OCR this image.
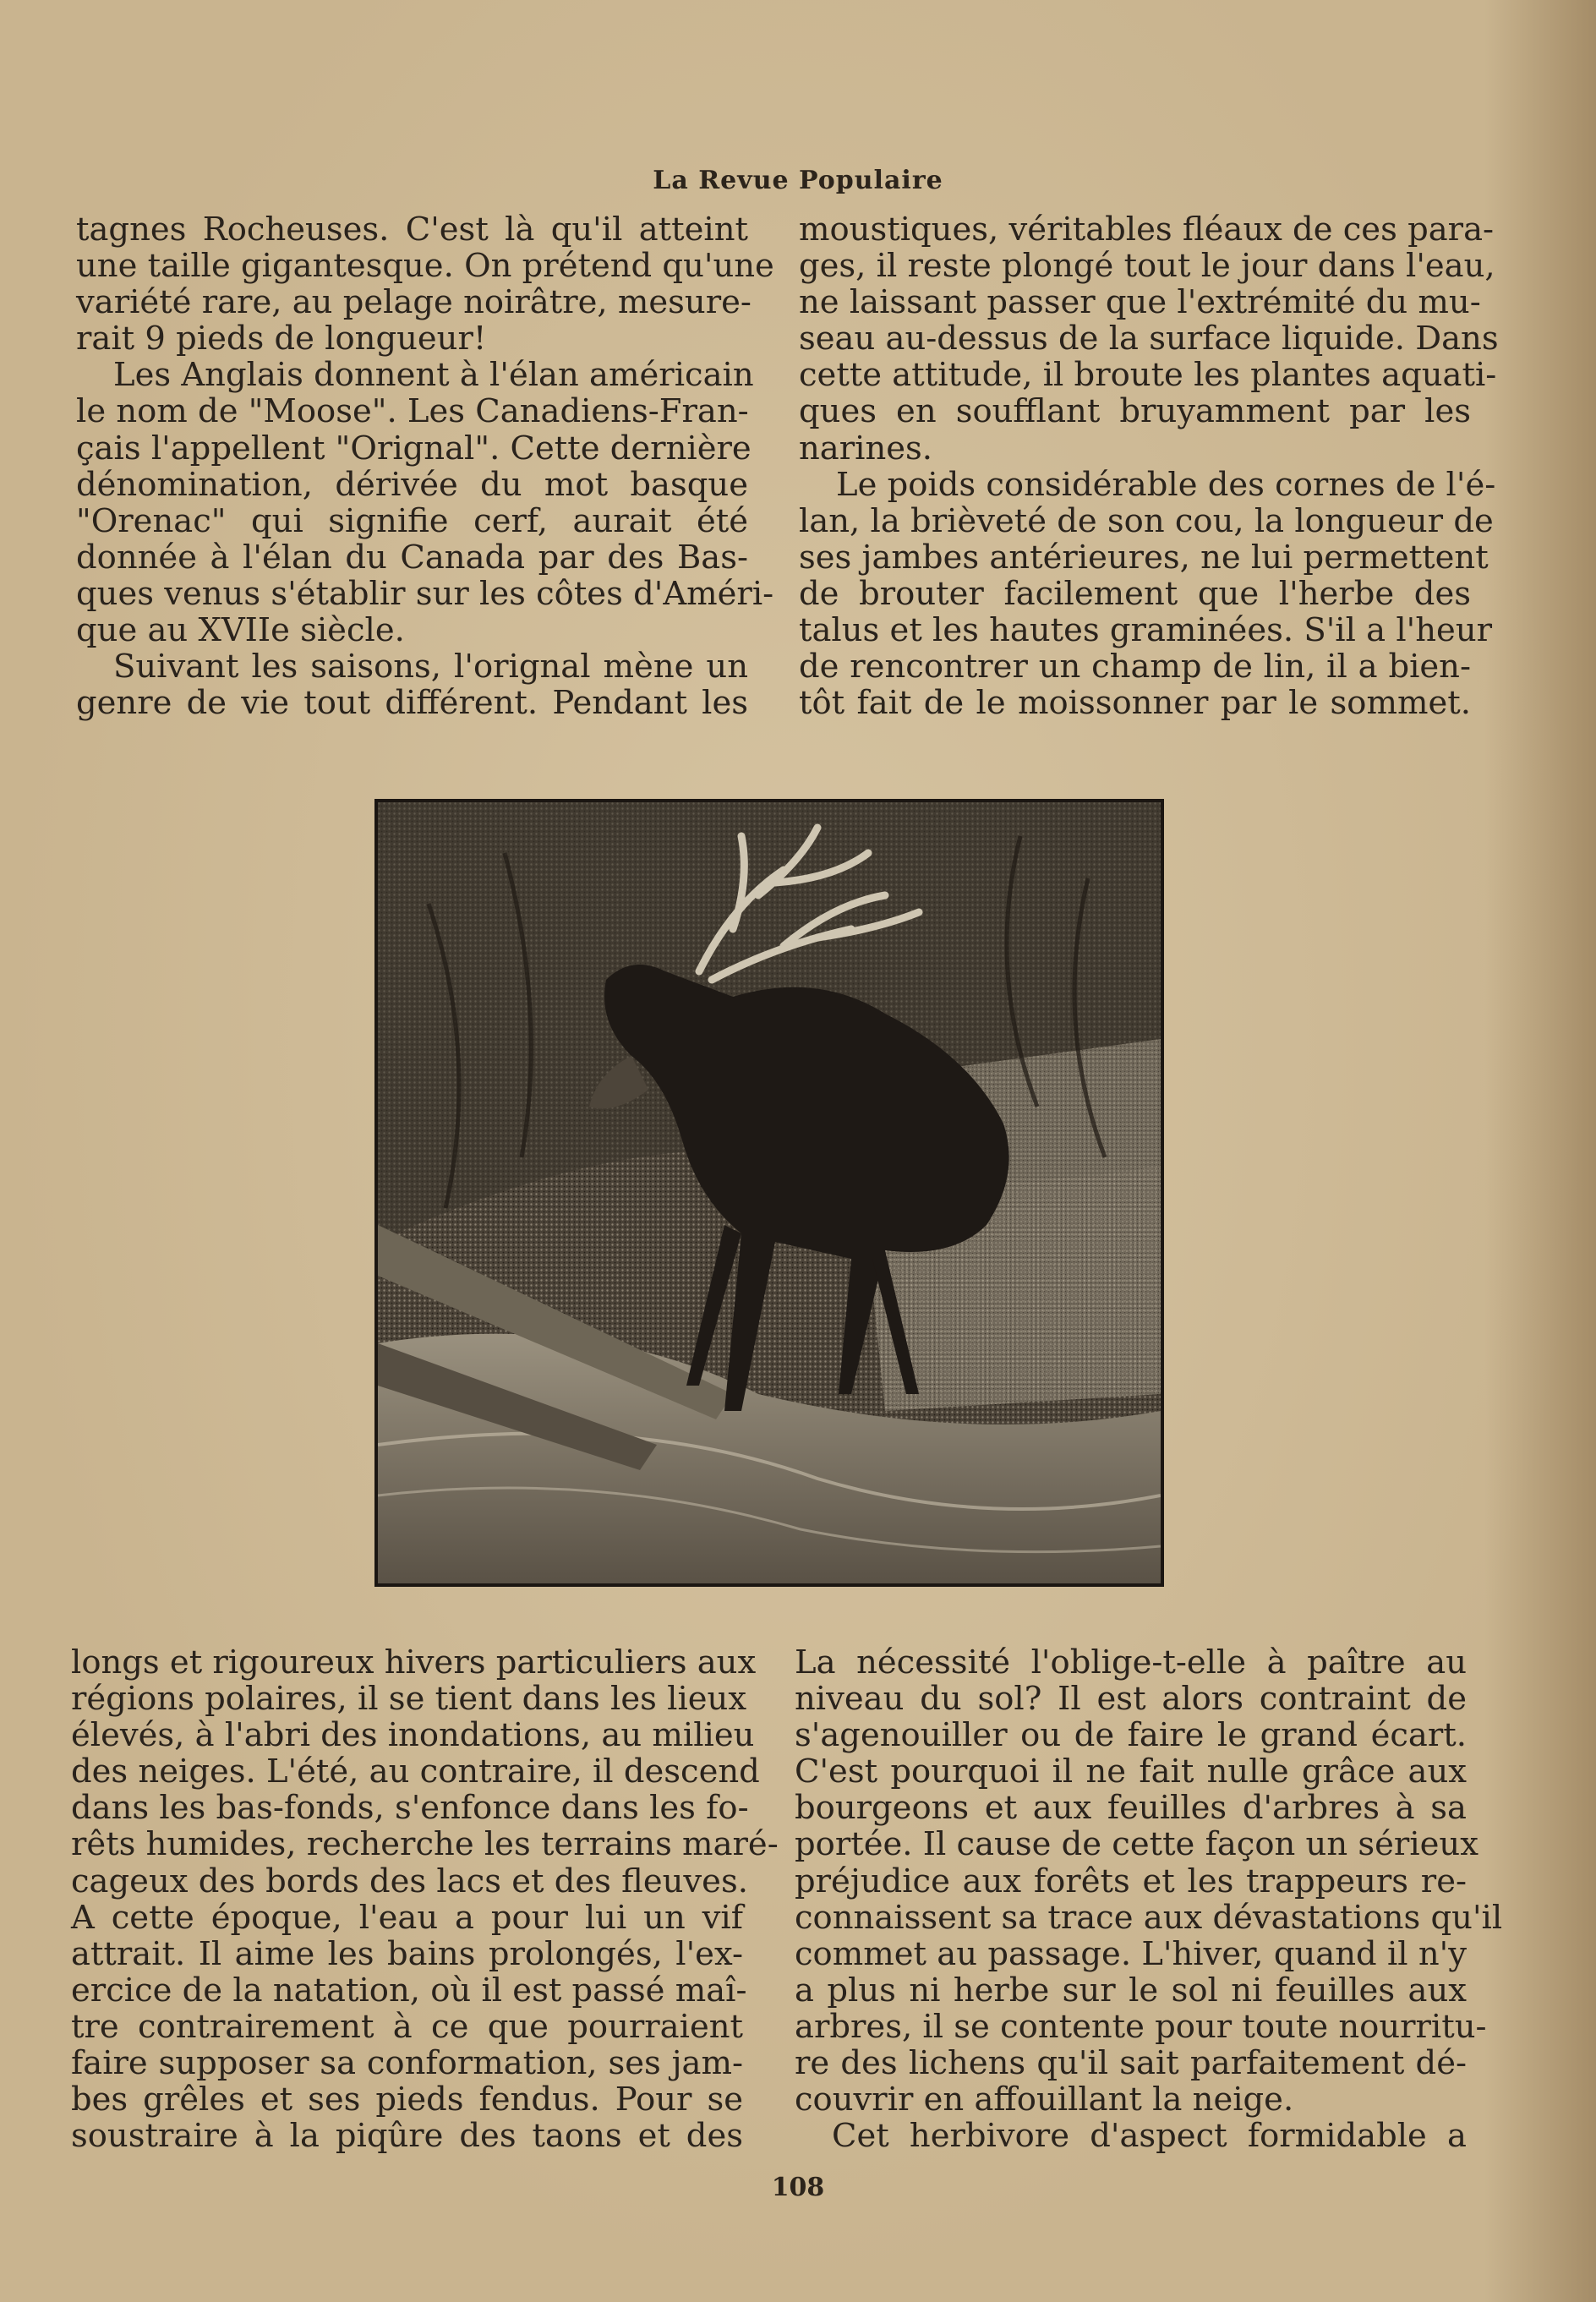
La Revue Populaire
tagnes Rocheuses. C'est là qu'il atteint
une taille gigantesque. On prétend qu'une
variété rare, au pelage noirâtre, mesure-
rait 9 pieds de longueur!
Les Anglais donnent à l'élan américain
le nom de "Moose". Les Canadiens-Fran-
çais l'appellent "Orignal". Cette dernière
dénomination, dérivée du mot basque
"Orenac" qui signifie cerf, aurait été
donnée à l'élan du Canada par des Bas-
ques venus s'établir sur les côtes d'Améri-
que au XVIIe siècle.
Suivant les saisons, l'orignal mène un
genre de vie tout différent. Pendant les
moustiques, véritables fléaux de ces para-
ges, il reste plongé tout le jour dans l'eau,
ne laissant passer que l'extrémité du mu-
seau au-dessus de la surface liquide. Dans
cette attitude, il broute les plantes aquati-
ques en soufflant bruyamment par les
narines.
Le poids considérable des cornes de l'é-
lan, la brièveté de son cou, la longueur de
ses jambes antérieures, ne lui permettent
de brouter facilement que l'herbe des
talus et les hautes graminées. S'il a l'heur
de rencontrer un champ de lin, il a bien-
tôt fait de le moissonner par le sommet.
longs et rigoureux hivers particuliers aux
régions polaires, il se tient dans les lieux
élevés, à l'abri des inondations, au milieu
des neiges. L'été, au contraire, il descend
dans les bas-fonds, s'enfonce dans les fo-
rêts humides, recherche les terrains maré-
cageux des bords des lacs et des fleuves.
A cette époque, l'eau a pour lui un vif
attrait. Il aime les bains prolongés, l'ex-
ercice de la natation, où il est passé maî-
tre contrairement à ce que pourraient
faire supposer sa conformation, ses jam-
bes grêles et ses pieds fendus. Pour se
soustraire à la piqûre des taons et des
La nécessité l'oblige-t-elle à paître au
niveau du sol? Il est alors contraint de
s'agenouiller ou de faire le grand écart.
C'est pourquoi il ne fait nulle grâce aux
bourgeons et aux feuilles d'arbres à sa
portée. Il cause de cette façon un sérieux
préjudice aux forêts et les trappeurs re-
connaissent sa trace aux dévastations qu'il
commet au passage. L'hiver, quand il n'y
a plus ni herbe sur le sol ni feuilles aux
arbres, il se contente pour toute nourritu-
re des lichens qu'il sait parfaitement dé-
couvrir en affouillant la neige.
Cet herbivore d'aspect formidable a
108
